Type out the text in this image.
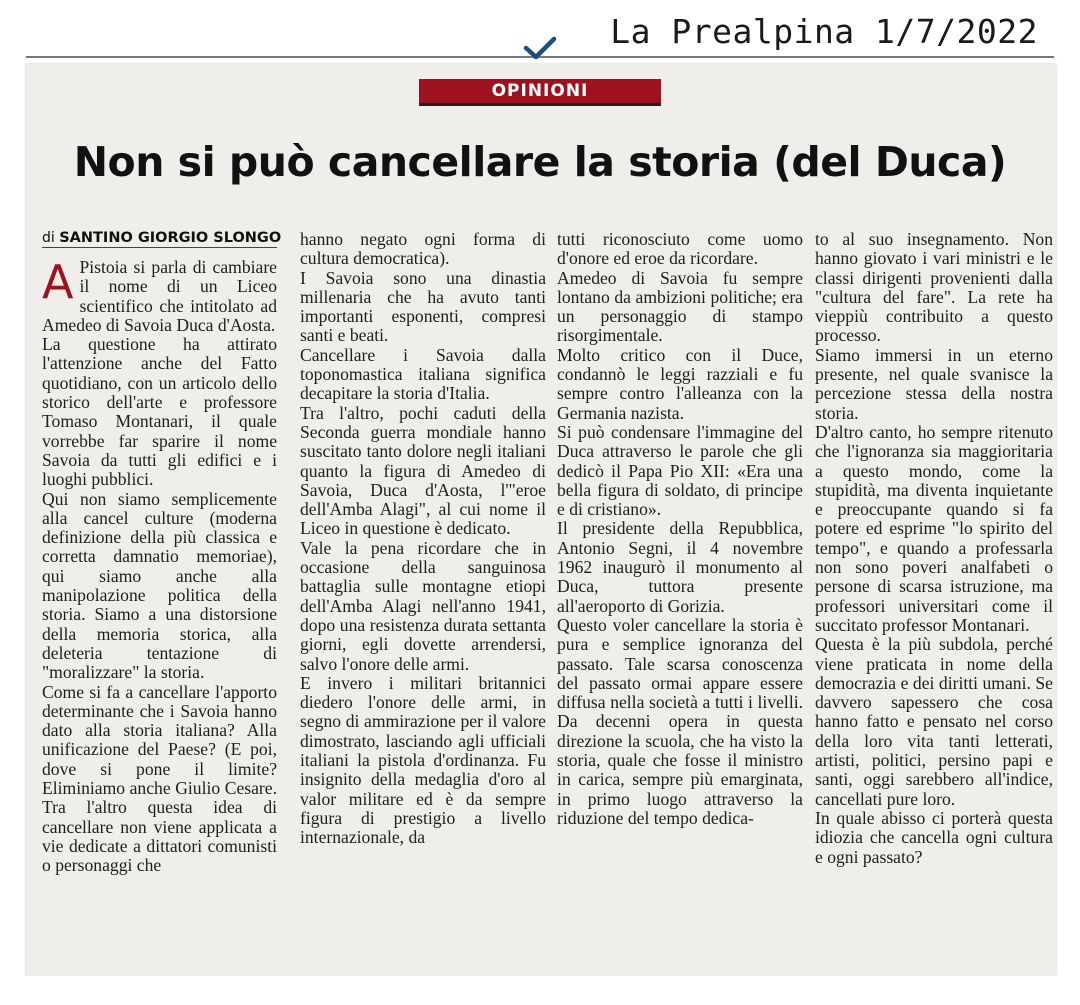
La Prealpina 1/7/2022
OPINIONI
Non si può cancellare la storia (del Duca)
di SANTINO GIORGIO SLONGO

A Pistoia si parla di cambiare il nome di un Liceo scientifico che intitolato ad Amedeo di Savoia Duca d'Aosta.

La questione ha attirato l'attenzione anche del Fatto quotidiano, con un articolo dello storico dell'arte e professore Tomaso Montanari, il quale vorrebbe far sparire il nome Savoia da tutti gli edifici e i luoghi pubblici.

Qui non siamo semplicemente alla cancel culture (moderna definizione della più classica e corretta damnatio memoriae), qui siamo anche alla manipolazione politica della storia. Siamo a una distorsione della memoria storica, alla deleteria tentazione di "moralizzare" la storia.

Come si fa a cancellare l'apporto determinante che i Savoia hanno dato alla storia italiana? Alla unificazione del Paese? (E poi, dove si pone il limite? Eliminiamo anche Giulio Cesare. Tra l'altro questa idea di cancellare non viene applicata a vie dedicate a dittatori comunisti o personaggi che

hanno negato ogni forma di cultura democratica).

I Savoia sono una dinastia millenaria che ha avuto tanti importanti esponenti, compresi santi e beati.

Cancellare i Savoia dalla toponomastica italiana significa decapitare la storia d'Italia.

Tra l'altro, pochi caduti della Seconda guerra mondiale hanno suscitato tanto dolore negli italiani quanto la figura di Amedeo di Savoia, Duca d'Aosta, l'"eroe dell'Amba Alagi", al cui nome il Liceo in questione è dedicato.

Vale la pena ricordare che in occasione della sanguinosa battaglia sulle montagne etiopi dell'Amba Alagi nell'anno 1941, dopo una resistenza durata settanta giorni, egli dovette arrendersi, salvo l'onore delle armi.

E invero i militari britannici diedero l'onore delle armi, in segno di ammirazione per il valore dimostrato, lasciando agli ufficiali italiani la pistola d'ordinanza. Fu insignito della medaglia d'oro al valor militare ed è da sempre figura di prestigio a livello internazionale, da

tutti riconosciuto come uomo d'onore ed eroe da ricordare.

Amedeo di Savoia fu sempre lontano da ambizioni politiche; era un personaggio di stampo risorgimentale.

Molto critico con il Duce, condannò le leggi razziali e fu sempre contro l'alleanza con la Germania nazista.

Si può condensare l'immagine del Duca attraverso le parole che gli dedicò il Papa Pio XII: «Era una bella figura di soldato, di principe e di cristiano».

Il presidente della Repubblica, Antonio Segni, il 4 novembre 1962 inaugurò il monumento al Duca, tuttora presente all'aeroporto di Gorizia.

Questo voler cancellare la storia è pura e semplice ignoranza del passato. Tale scarsa conoscenza del passato ormai appare essere diffusa nella società a tutti i livelli. Da decenni opera in questa direzione la scuola, che ha visto la storia, quale che fosse il ministro in carica, sempre più emarginata, in primo luogo attraverso la riduzione del tempo dedica-

to al suo insegnamento. Non hanno giovato i vari ministri e le classi dirigenti provenienti dalla "cultura del fare". La rete ha vieppiù contribuito a questo processo.

Siamo immersi in un eterno presente, nel quale svanisce la percezione stessa della nostra storia.

D'altro canto, ho sempre ritenuto che l'ignoranza sia maggioritaria a questo mondo, come la stupidità, ma diventa inquietante e preoccupante quando si fa potere ed esprime "lo spirito del tempo", e quando a professarla non sono poveri analfabeti o persone di scarsa istruzione, ma professori universitari come il succitato professor Montanari.

Questa è la più subdola, perché viene praticata in nome della democrazia e dei diritti umani. Se davvero sapessero che cosa hanno fatto e pensato nel corso della loro vita tanti letterati, artisti, politici, persino papi e santi, oggi sarebbero all'indice, cancellati pure loro.

In quale abisso ci porterà questa idiozia che cancella ogni cultura e ogni passato?
